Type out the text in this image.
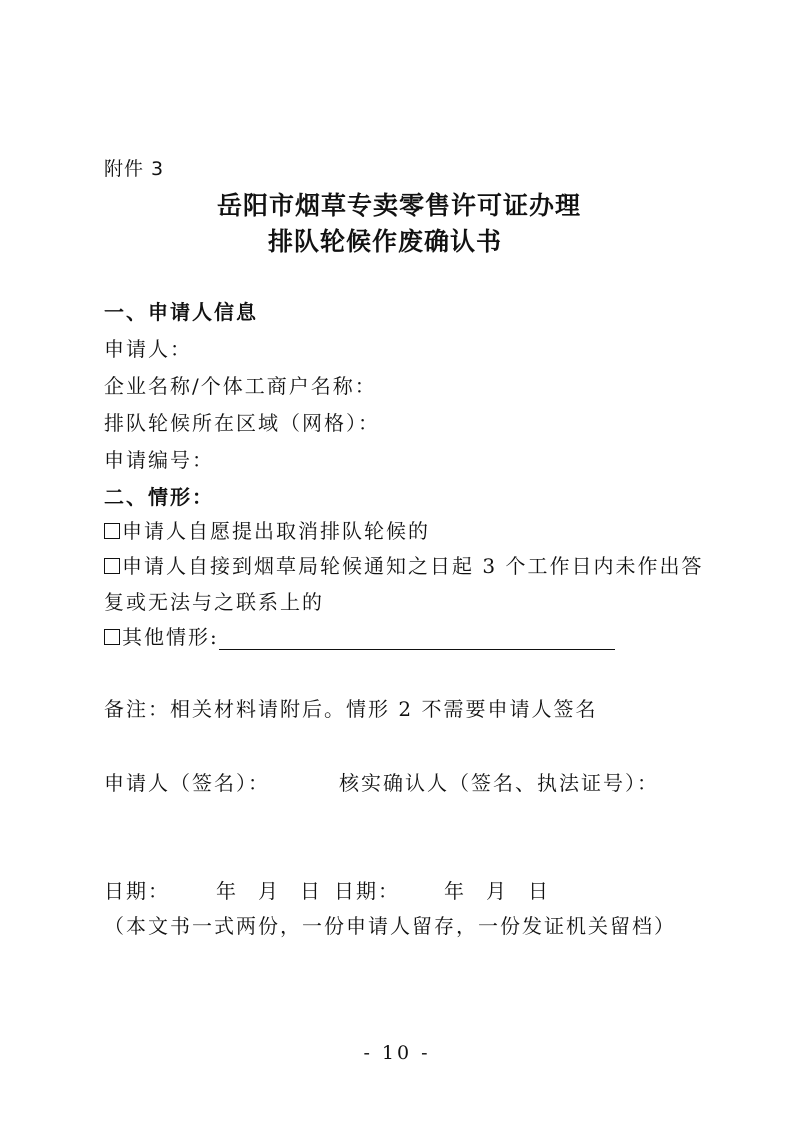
附件 3
岳阳市烟草专卖零售许可证办理
排队轮候作废确认书
一、申请人信息
申请人：
企业名称/个体工商户名称：
排队轮候所在区域（网格）：
申请编号：
二、情形：
申请人自愿提出取消排队轮候的
申请人自接到烟草局轮候通知之日起 3 个工作日内未作出答
复或无法与之联系上的
其他情形:
备注：相关材料请附后。情形 2 不需要申请人签名
申请人（签名）：	核实确认人（签名、执法证号）：
日期： 年 月 日 日期： 年 月 日
（本文书一式两份，一份申请人留存，一份发证机关留档）
- 10 -
